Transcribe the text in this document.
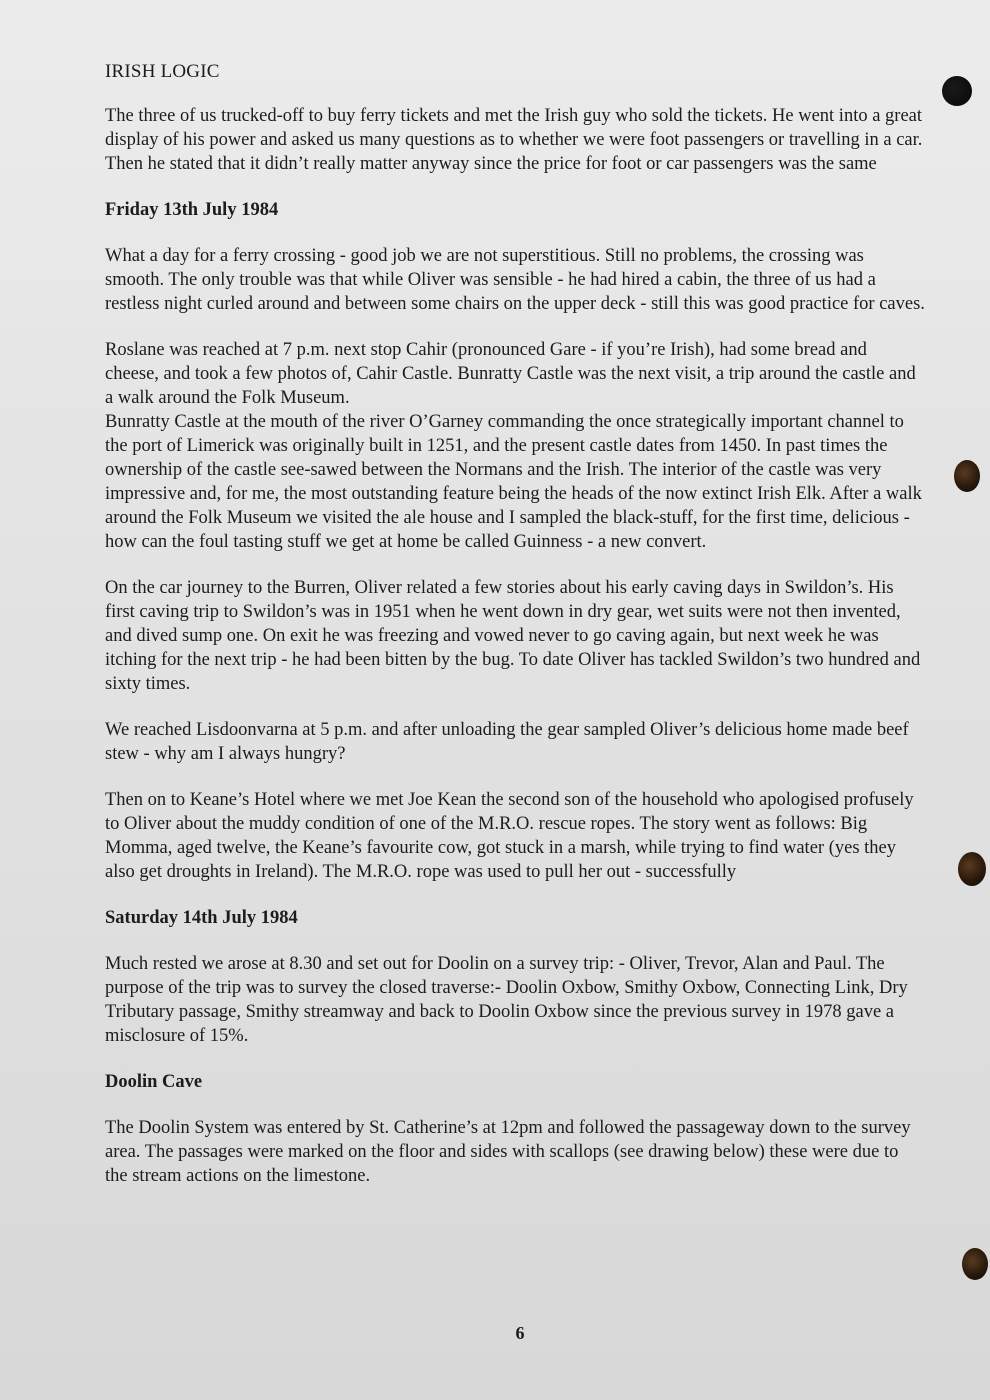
IRISH LOGIC

The three of us trucked-off to buy ferry tickets and met the Irish guy who sold the tickets. He went into a great display of his power and asked us many questions as to whether we were foot passengers or travelling in a car. Then he stated that it didn’t really matter anyway since the price for foot or car passengers was the same

Friday 13th July 1984

What a day for a ferry crossing - good job we are not superstitious. Still no problems, the crossing was smooth. The only trouble was that while Oliver was sensible - he had hired a cabin, the three of us had a restless night curled around and between some chairs on the upper deck - still this was good practice for caves.

Roslane was reached at 7 p.m. next stop Cahir (pronounced Gare - if you’re Irish), had some bread and cheese, and took a few photos of, Cahir Castle. Bunratty Castle was the next visit, a trip around the castle and a walk around the Folk Museum.

Bunratty Castle at the mouth of the river O’Garney commanding the once strategically important channel to the port of Limerick was originally built in 1251, and the present castle dates from 1450. In past times the ownership of the castle see-sawed between the Normans and the Irish. The interior of the castle was very impressive and, for me, the most outstanding feature being the heads of the now extinct Irish Elk. After a walk around the Folk Museum we visited the ale house and I sampled the black-stuff, for the first time, delicious - how can the foul tasting stuff we get at home be called Guinness - a new convert.

On the car journey to the Burren, Oliver related a few stories about his early caving days in Swildon’s. His first caving trip to Swildon’s was in 1951 when he went down in dry gear, wet suits were not then invented, and dived sump one. On exit he was freezing and vowed never to go caving again, but next week he was itching for the next trip - he had been bitten by the bug. To date Oliver has tackled Swildon’s two hundred and sixty times.

We reached Lisdoonvarna at 5 p.m. and after unloading the gear sampled Oliver’s delicious home made beef stew - why am I always hungry?

Then on to Keane’s Hotel where we met Joe Kean the second son of the household who apologised profusely to Oliver about the muddy condition of one of the M.R.O. rescue ropes. The story went as follows: Big Momma, aged twelve, the Keane’s favourite cow, got stuck in a marsh, while trying to find water (yes they also get droughts in Ireland). The M.R.O. rope was used to pull her out - successfully

Saturday 14th July 1984

Much rested we arose at 8.30 and set out for Doolin on a survey trip: - Oliver, Trevor, Alan and Paul. The purpose of the trip was to survey the closed traverse:- Doolin Oxbow, Smithy Oxbow, Connecting Link, Dry Tributary passage, Smithy streamway and back to Doolin Oxbow since the previous survey in 1978 gave a misclosure of 15%.

Doolin Cave

The Doolin System was entered by St. Catherine’s at 12pm and followed the passageway down to the survey area. The passages were marked on the floor and sides with scallops (see drawing below) these were due to the stream actions on the limestone.

6
